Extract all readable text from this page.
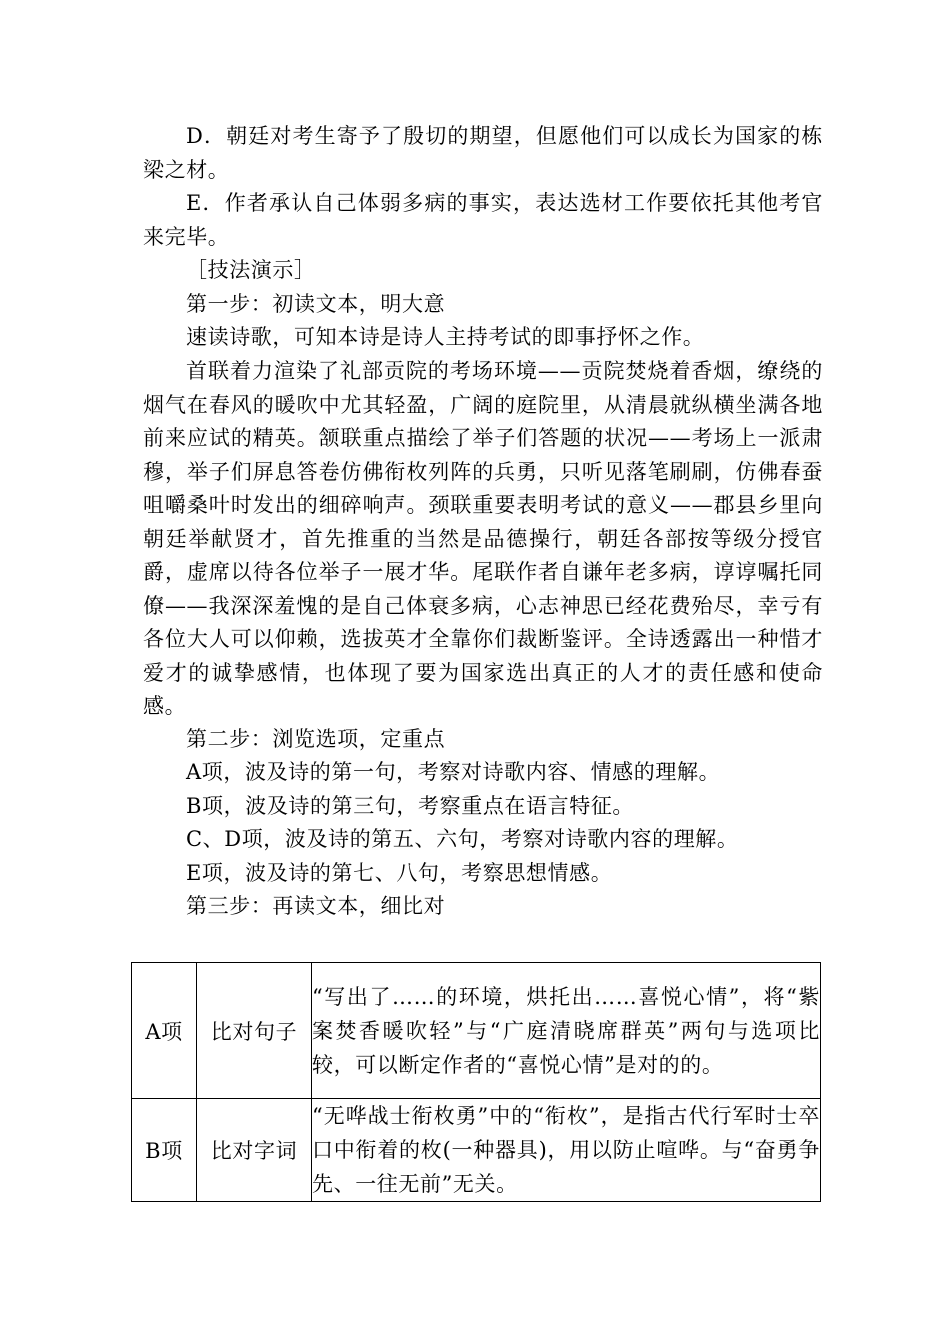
D．朝廷对考生寄予了殷切的期望，但愿他们可以成长为国家的栋梁之材。

E．作者承认自己体弱多病的事实，表达选材工作要依托其他考官来完毕。

［技法演示］

第一步：初读文本，明大意

速读诗歌，可知本诗是诗人主持考试的即事抒怀之作。

首联着力渲染了礼部贡院的考场环境——贡院焚烧着香烟，缭绕的烟气在春风的暖吹中尤其轻盈，广阔的庭院里，从清晨就纵横坐满各地前来应试的精英。颔联重点描绘了举子们答题的状况——考场上一派肃穆，举子们屏息答卷仿佛衔枚列阵的兵勇，只听见落笔刷刷，仿佛春蚕咀嚼桑叶时发出的细碎响声。颈联重要表明考试的意义——郡县乡里向朝廷举献贤才，首先推重的当然是品德操行，朝廷各部按等级分授官爵，虚席以待各位举子一展才华。尾联作者自谦年老多病，谆谆嘱托同僚——我深深羞愧的是自己体衰多病，心志神思已经花费殆尽，幸亏有各位大人可以仰赖，选拔英才全靠你们裁断鉴评。全诗透露出一种惜才爱才的诚挚感情，也体现了要为国家选出真正的人才的责任感和使命感。

第二步：浏览选项，定重点

A项，波及诗的第一句，考察对诗歌内容、情感的理解。

B项，波及诗的第三句，考察重点在语言特征。

C、D项，波及诗的第五、六句，考察对诗歌内容的理解。

E项，波及诗的第七、八句，考察思想情感。

第三步：再读文本，细比对

A项	比对句子	“写出了……的环境，烘托出……喜悦心情”，将“紫案焚香暖吹轻”与“广庭清晓席群英”两句与选项比较，可以断定作者的“喜悦心情”是对的的。
B项	比对字词	“无哗战士衔枚勇”中的“衔枚”，是指古代行军时士卒口中衔着的枚(一种器具)，用以防止喧哗。与“奋勇争先、一往无前”无关。
